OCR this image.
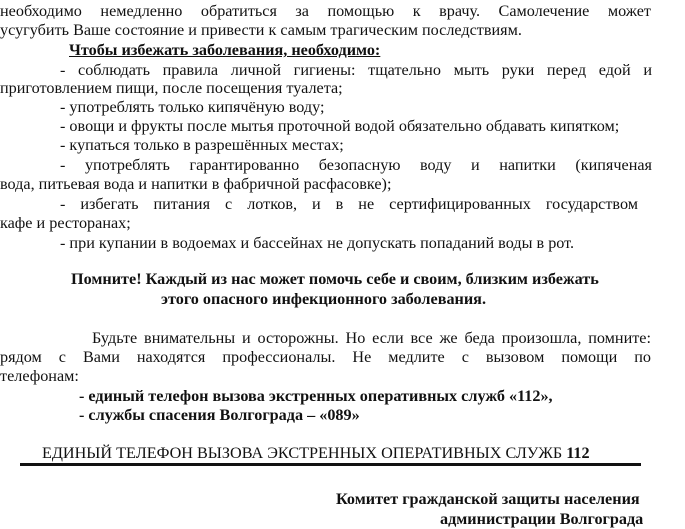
необходимо немедленно обратиться за помощью к врачу. Самолечение может
усугубить Ваше состояние и привести к самым трагическим последствиям.
Чтобы избежать заболевания, необходимо:
- соблюдать правила личной гигиены: тщательно мыть руки перед едой и
приготовлением пищи, после посещения туалета;
- употреблять только кипячёную воду;
- овощи и фрукты после мытья проточной водой обязательно обдавать кипятком;
- купаться только в разрешённых местах;
- употреблять гарантированно безопасную воду и напитки (кипяченая
вода, питьевая вода и напитки в фабричной расфасовке);
- избегать питания с лотков, и в не сертифицированных государством
кафе и ресторанах;
- при купании в водоемах и бассейнах не допускать попаданий воды в рот.
Помните! Каждый из нас может помочь себе и своим, близким избежать
этого опасного инфекционного заболевания.
Будьте внимательны и осторожны. Но если все же беда произошла, помните:
рядом с Вами находятся профессионалы. Не медлите с вызовом помощи по
телефонам:
- единый телефон вызова экстренных оперативных служб «112»,
- службы спасения Волгограда – «089»
ЕДИНЫЙ ТЕЛЕФОН ВЫЗОВА ЭКСТРЕННЫХ ОПЕРАТИВНЫХ СЛУЖБ 112
Комитет гражданской защиты населения
администрации Волгограда
